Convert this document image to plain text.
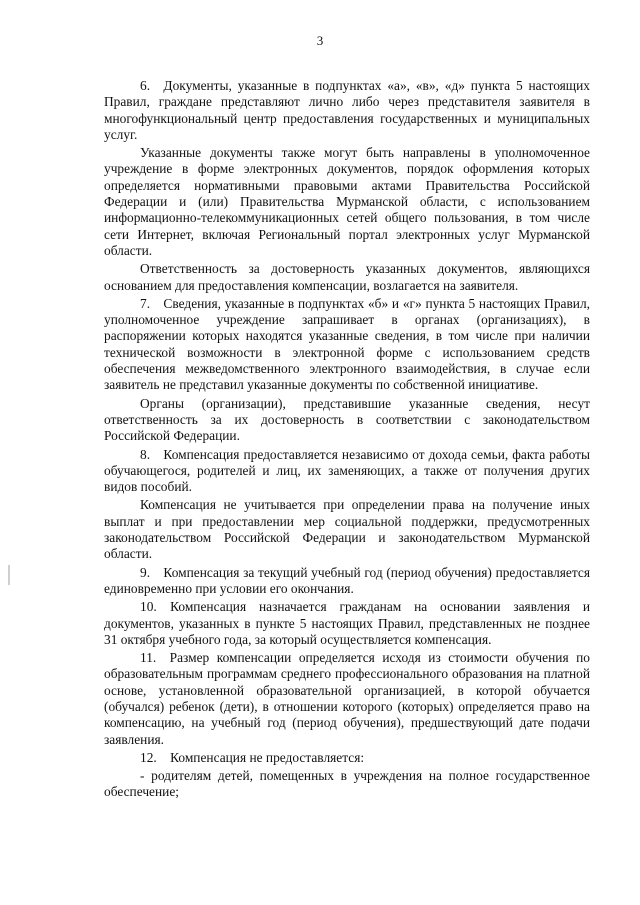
3

6. Документы, указанные в подпунктах «а», «в», «д» пункта 5 настоящих Правил, граждане представляют лично либо через представителя заявителя в многофункциональный центр предоставления государственных и муниципальных услуг.

Указанные документы также могут быть направлены в уполномоченное учреждение в форме электронных документов, порядок оформления которых определяется нормативными правовыми актами Правительства Российской Федерации и (или) Правительства Мурманской области, с использованием информационно-телекоммуникационных сетей общего пользования, в том числе сети Интернет, включая Региональный портал электронных услуг Мурманской области.

Ответственность за достоверность указанных документов, являющихся основанием для предоставления компенсации, возлагается на заявителя.

7. Сведения, указанные в подпунктах «б» и «г» пункта 5 настоящих Правил, уполномоченное учреждение запрашивает в органах (организациях), в распоряжении которых находятся указанные сведения, в том числе при наличии технической возможности в электронной форме с использованием средств обеспечения межведомственного электронного взаимодействия, в случае если заявитель не представил указанные документы по собственной инициативе.

Органы (организации), представившие указанные сведения, несут ответственность за их достоверность в соответствии с законодательством Российской Федерации.

8. Компенсация предоставляется независимо от дохода семьи, факта работы обучающегося, родителей и лиц, их заменяющих, а также от получения других видов пособий.

Компенсация не учитывается при определении права на получение иных выплат и при предоставлении мер социальной поддержки, предусмотренных законодательством Российской Федерации и законодательством Мурманской области.

9. Компенсация за текущий учебный год (период обучения) предоставляется единовременно при условии его окончания.

10. Компенсация назначается гражданам на основании заявления и документов, указанных в пункте 5 настоящих Правил, представленных не позднее 31 октября учебного года, за который осуществляется компенсация.

11. Размер компенсации определяется исходя из стоимости обучения по образовательным программам среднего профессионального образования на платной основе, установленной образовательной организацией, в которой обучается (обучался) ребенок (дети), в отношении которого (которых) определяется право на компенсацию, на учебный год (период обучения), предшествующий дате подачи заявления.

12. Компенсация не предоставляется:

- родителям детей, помещенных в учреждения на полное государственное обеспечение;
